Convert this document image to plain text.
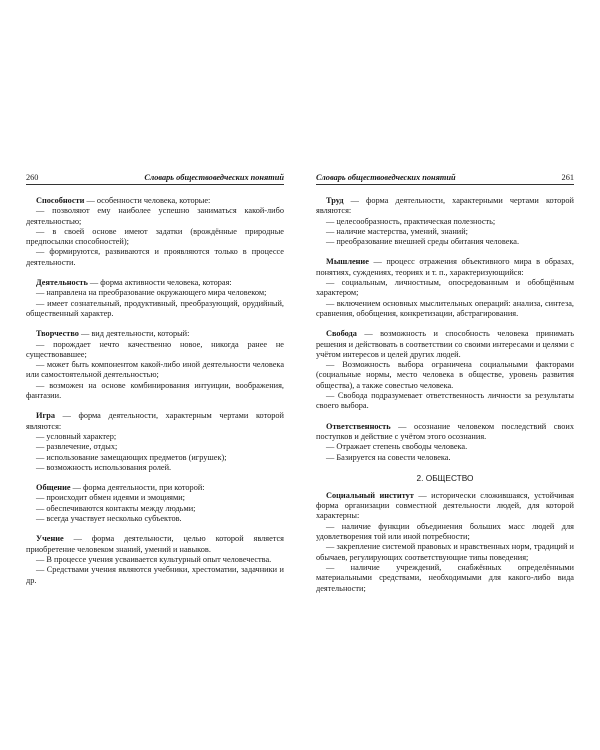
260	Словарь обществоведческих понятий

Способности — особенности человека, которые:

— позволяют ему наиболее успешно заниматься какой-либо деятельностью;

— в своей основе имеют задатки (врождённые природные предпосылки способностей);

— формируются, развиваются и проявляются только в процессе деятельности.

Деятельность — форма активности человека, которая:

— направлена на преобразование окружающего мира человеком;

— имеет сознательный, продуктивный, преобразующий, орудийный, общественный характер.

Творчество — вид деятельности, который:

— порождает нечто качественно новое, никогда ранее не существовавшее;

— может быть компонентом какой-либо иной деятельности человека или самостоятельной деятельностью;

— возможен на основе комбинирования интуиции, воображения, фантазии.

Игра — форма деятельности, характерным чертами которой являются:

— условный характер;

— развлечение, отдых;

— использование замещающих предметов (игрушек);

— возможность использования ролей.

Общение — форма деятельности, при которой:

— происходит обмен идеями и эмоциями;

— обеспечиваются контакты между людьми;

— всегда участвует несколько субъектов.

Учение — форма деятельности, целью которой является приобретение человеком знаний, умений и навыков.

— В процессе учения усваивается культурный опыт человечества.

— Средствами учения являются учебники, хрестоматии, задачники и др.

261
Словарь обществоведческих понятий

Труд — форма деятельности, характерными чертами которой являются:

— целесообразность, практическая полезность;

— наличие мастерства, умений, знаний;

— преобразование внешней среды обитания человека.

Мышление — процесс отражения объективного мира в образах, понятиях, суждениях, теориях и т. п., характеризующийся:

— социальным, личностным, опосредованным и обобщённым характером;

— включением основных мыслительных операций: анализа, синтеза, сравнения, обобщения, конкретизации, абстрагирования.

Свобода — возможность и способность человека принимать решения и действовать в соответствии со своими интересами и целями с учётом интересов и целей других людей.

— Возможность выбора ограничена социальными факторами (социальные нормы, место человека в обществе, уровень развития общества), а также совестью человека.

— Свобода подразумевает ответственность личности за результаты своего выбора.

Ответственность — осознание человеком последствий своих поступков и действие с учётом этого осознания.

— Отражает степень свободы человека.

— Базируется на совести человека.

2. ОБЩЕСТВО

Социальный институт — исторически сложившаяся, устойчивая форма организации совместной деятельности людей, для которой характерны:

— наличие функции объединения больших масс людей для удовлетворения той или иной потребности;

— закрепление системой правовых и нравственных норм, традиций и обычаев, регулирующих соответствующие типы поведения;

— наличие учреждений, снабжённых определёнными материальными средствами, необходимыми для какого-либо вида деятельности;
